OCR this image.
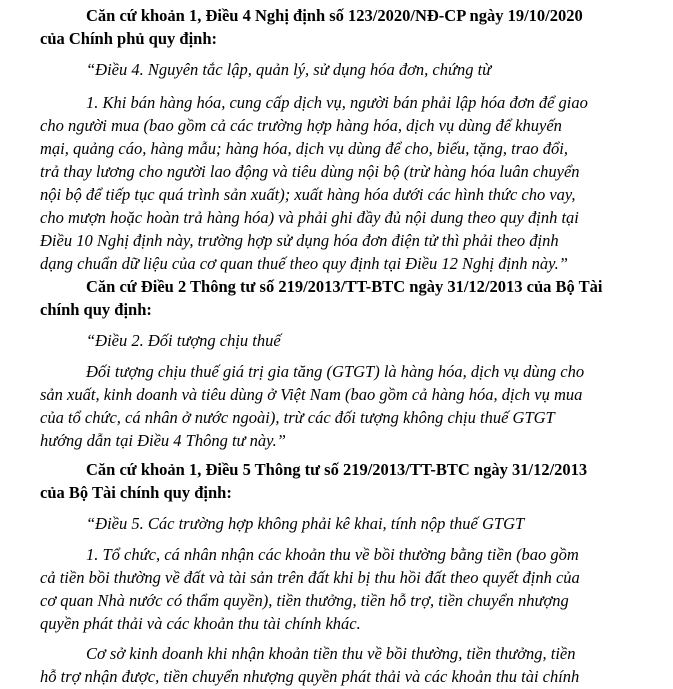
Căn cứ khoản 1, Điều 4 Nghị định số 123/2020/NĐ-CP ngày 19/10/2020
của Chính phủ quy định:
“Điều 4. Nguyên tắc lập, quản lý, sử dụng hóa đơn, chứng từ
1. Khi bán hàng hóa, cung cấp dịch vụ, người bán phải lập hóa đơn để giao
cho người mua (bao gồm cả các trường hợp hàng hóa, dịch vụ dùng để khuyến
mại, quảng cáo, hàng mẫu; hàng hóa, dịch vụ dùng để cho, biếu, tặng, trao đổi,
trả thay lương cho người lao động và tiêu dùng nội bộ (trừ hàng hóa luân chuyển
nội bộ để tiếp tục quá trình sản xuất); xuất hàng hóa dưới các hình thức cho vay,
cho mượn hoặc hoàn trả hàng hóa) và phải ghi đầy đủ nội dung theo quy định tại
Điều 10 Nghị định này, trường hợp sử dụng hóa đơn điện tử thì phải theo định
dạng chuẩn dữ liệu của cơ quan thuế theo quy định tại Điều 12 Nghị định này.”
Căn cứ Điều 2 Thông tư số 219/2013/TT-BTC ngày 31/12/2013 của Bộ Tài
chính quy định:
“Điều 2. Đối tượng chịu thuế
Đối tượng chịu thuế giá trị gia tăng (GTGT) là hàng hóa, dịch vụ dùng cho
sản xuất, kinh doanh và tiêu dùng ở Việt Nam (bao gồm cả hàng hóa, dịch vụ mua
của tổ chức, cá nhân ở nước ngoài), trừ các đối tượng không chịu thuế GTGT
hướng dẫn tại Điều 4 Thông tư này.”
Căn cứ khoản 1, Điều 5 Thông tư số 219/2013/TT-BTC ngày 31/12/2013
của Bộ Tài chính quy định:
“Điều 5. Các trường hợp không phải kê khai, tính nộp thuế GTGT
1. Tổ chức, cá nhân nhận các khoản thu về bồi thường bằng tiền (bao gồm
cả tiền bồi thường về đất và tài sản trên đất khi bị thu hồi đất theo quyết định của
cơ quan Nhà nước có thẩm quyền), tiền thưởng, tiền hỗ trợ, tiền chuyển nhượng
quyền phát thải và các khoản thu tài chính khác.
Cơ sở kinh doanh khi nhận khoản tiền thu về bồi thường, tiền thưởng, tiền
hỗ trợ nhận được, tiền chuyển nhượng quyền phát thải và các khoản thu tài chính
